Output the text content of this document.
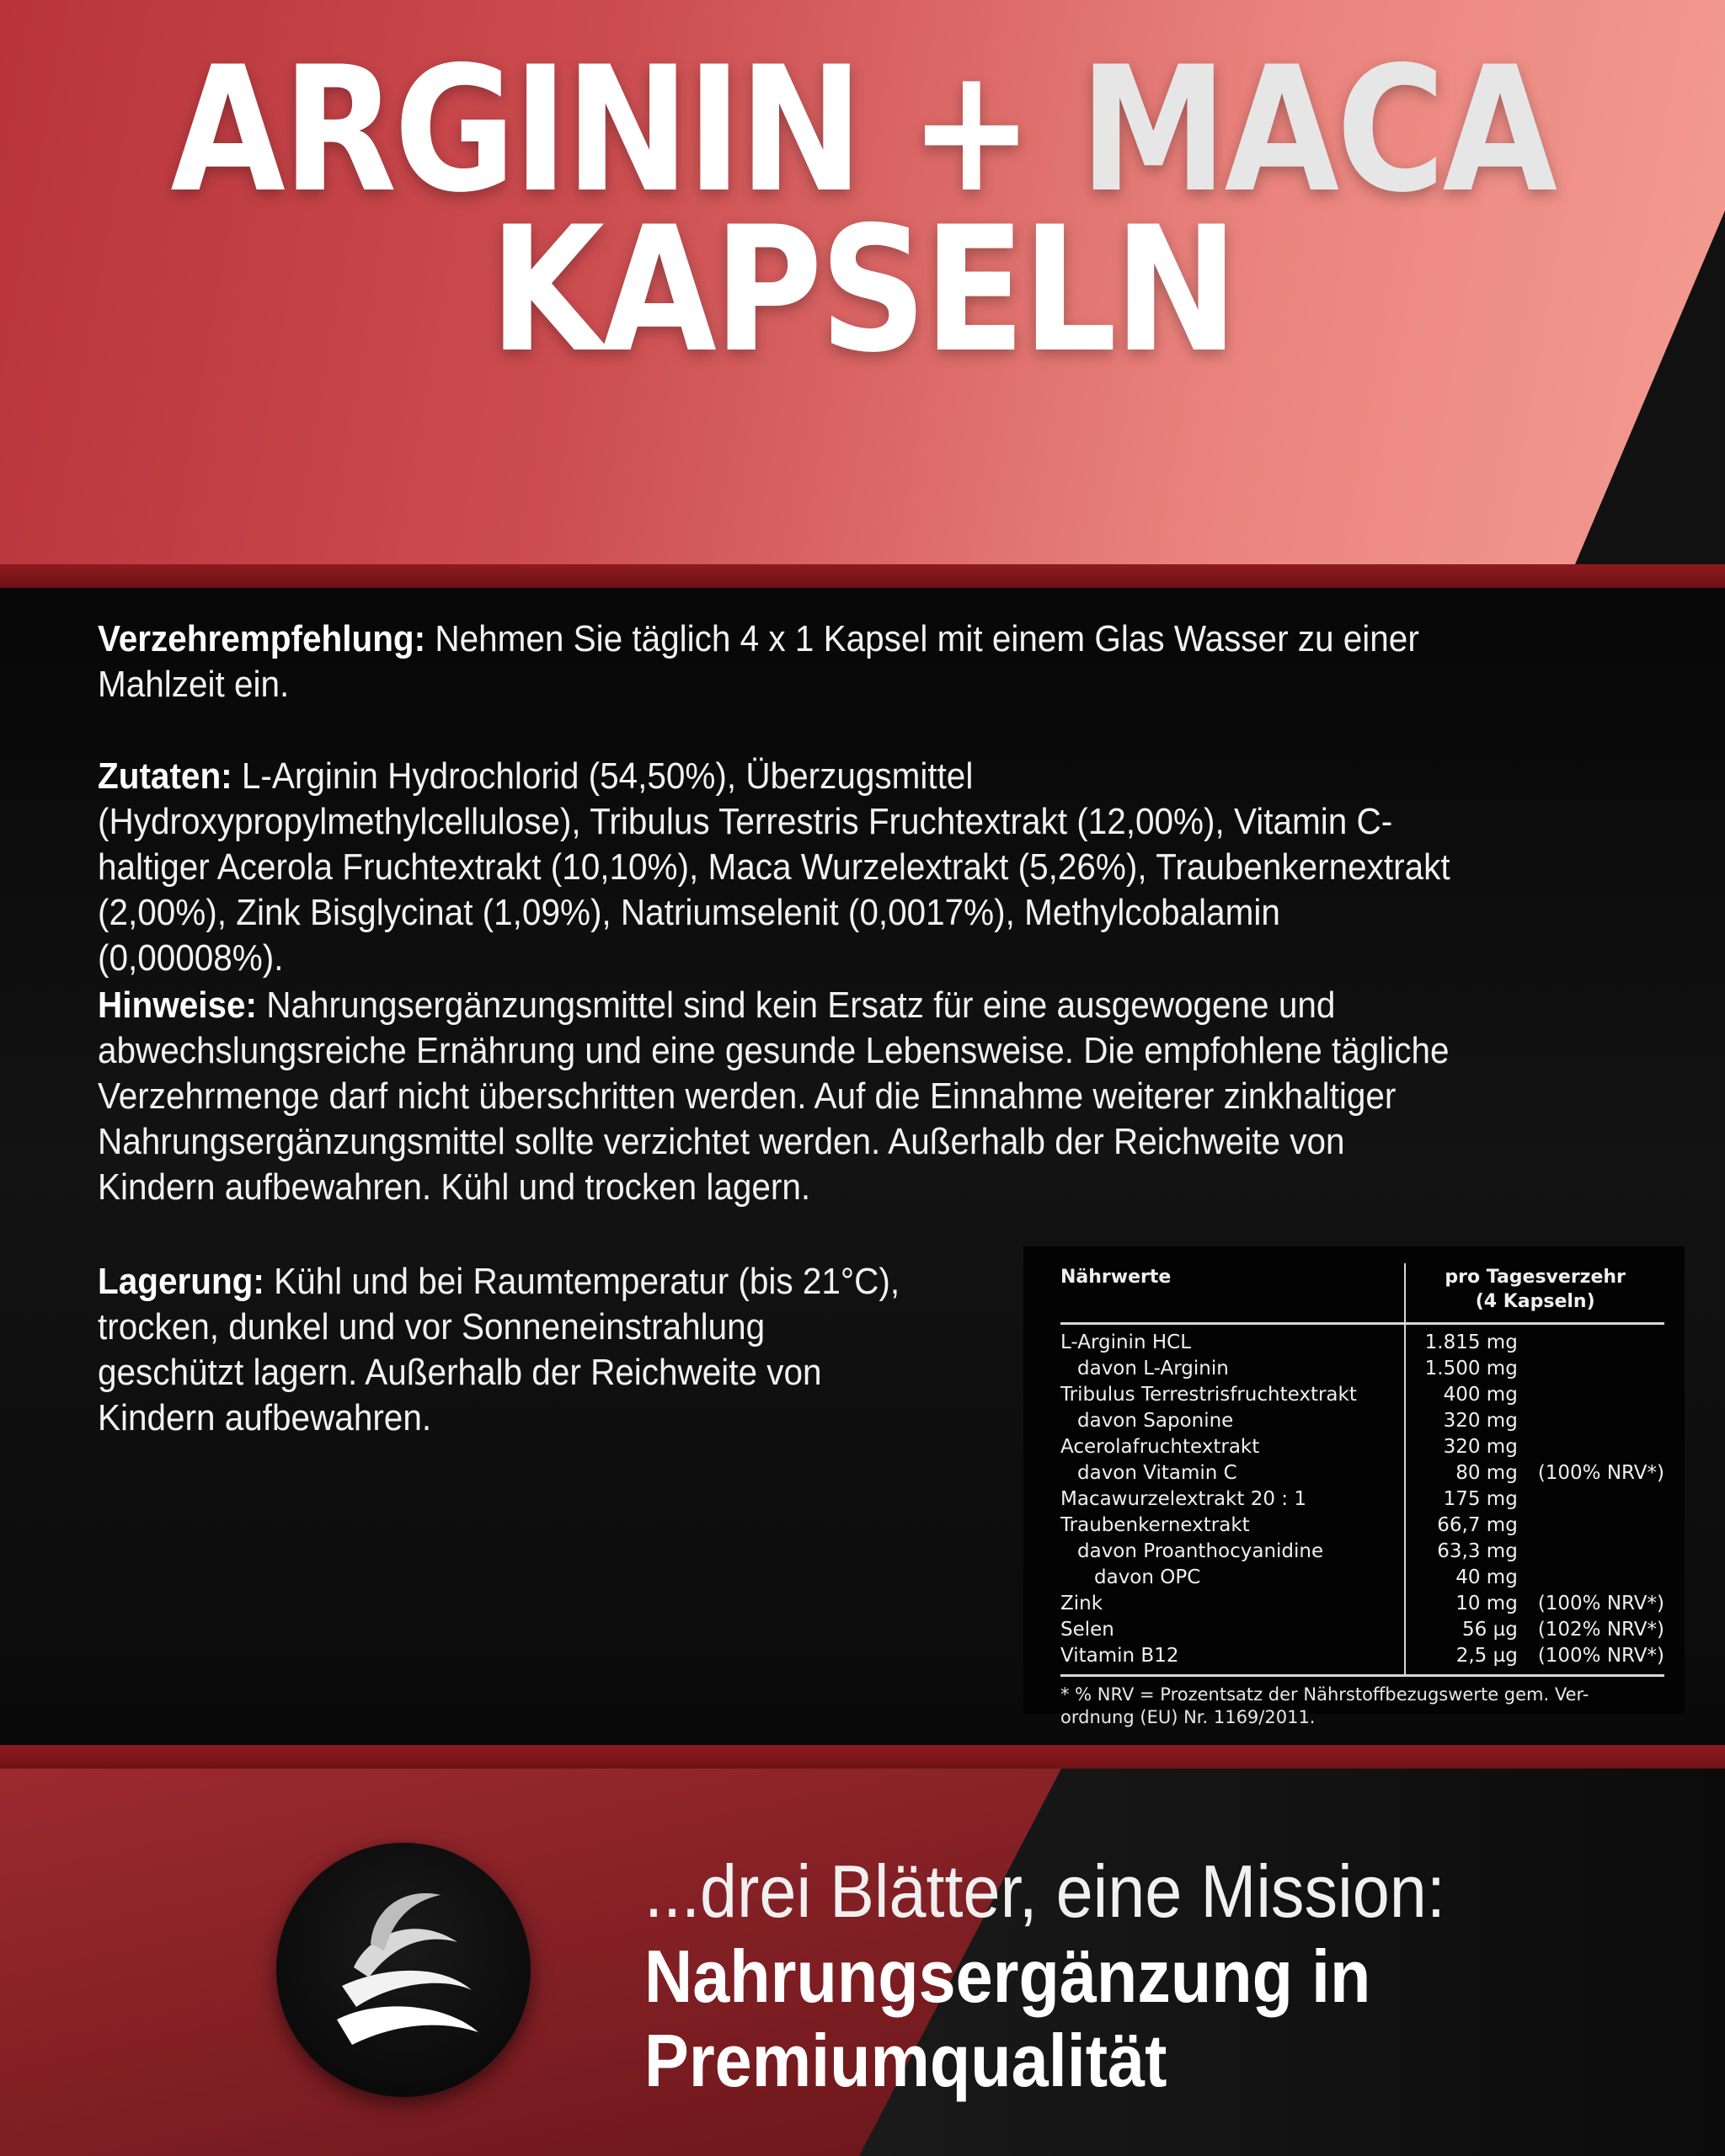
ARGININ + MACA
KAPSELN

Verzehrempfehlung: Nehmen Sie täglich 4 x 1 Kapsel mit einem Glas Wasser zu einer Mahlzeit ein.

Zutaten: L-Arginin Hydrochlorid (54,50%), Überzugsmittel (Hydroxypropylmethylcellulose), Tribulus Terrestris Fruchtextrakt (12,00%), Vitamin C-haltiger Acerola Fruchtextrakt (10,10%), Maca Wurzelextrakt (5,26%), Traubenkernextrakt (2,00%), Zink Bisglycinat (1,09%), Natriumselenit (0,0017%), Methylcobalamin (0,00008%).

Hinweise: Nahrungsergänzungsmittel sind kein Ersatz für eine ausgewogene und abwechslungsreiche Ernährung und eine gesunde Lebensweise. Die empfohlene tägliche Verzehrmenge darf nicht überschritten werden. Auf die Einnahme weiterer zinkhaltiger Nahrungsergänzungsmittel sollte verzichtet werden. Außerhalb der Reichweite von Kindern aufbewahren. Kühl und trocken lagern.

Lagerung: Kühl und bei Raumtemperatur (bis 21°C), trocken, dunkel und vor Sonneneinstrahlung geschützt lagern. Außerhalb der Reichweite von Kindern aufbewahren.

Nährwerte	pro Tagesverzehr
(4 Kapseln)	
L-Arginin HCL	1.815 mg	
davon L-Arginin	1.500 mg	
Tribulus Terrestrisfruchtextrakt	400 mg	
davon Saponine	320 mg	
Acerolafruchtextrakt	320 mg	
davon Vitamin C	80 mg	(100% NRV*)
Macawurzelextrakt 20 : 1	175 mg	
Traubenkernextrakt	66,7 mg	
davon Proanthocyanidine	63,3 mg	
davon OPC	40 mg	
Zink	10 mg	(100% NRV*)
Selen	56 µg	(102% NRV*)
Vitamin B12	2,5 µg	(100% NRV*)
* % NRV = Prozentsatz der Nährstoffbezugswerte gem. Ver-
ordnung (EU) Nr. 1169/2011.
...drei Blätter, eine Mission:
Nahrungsergänzung in
Premiumqualität
